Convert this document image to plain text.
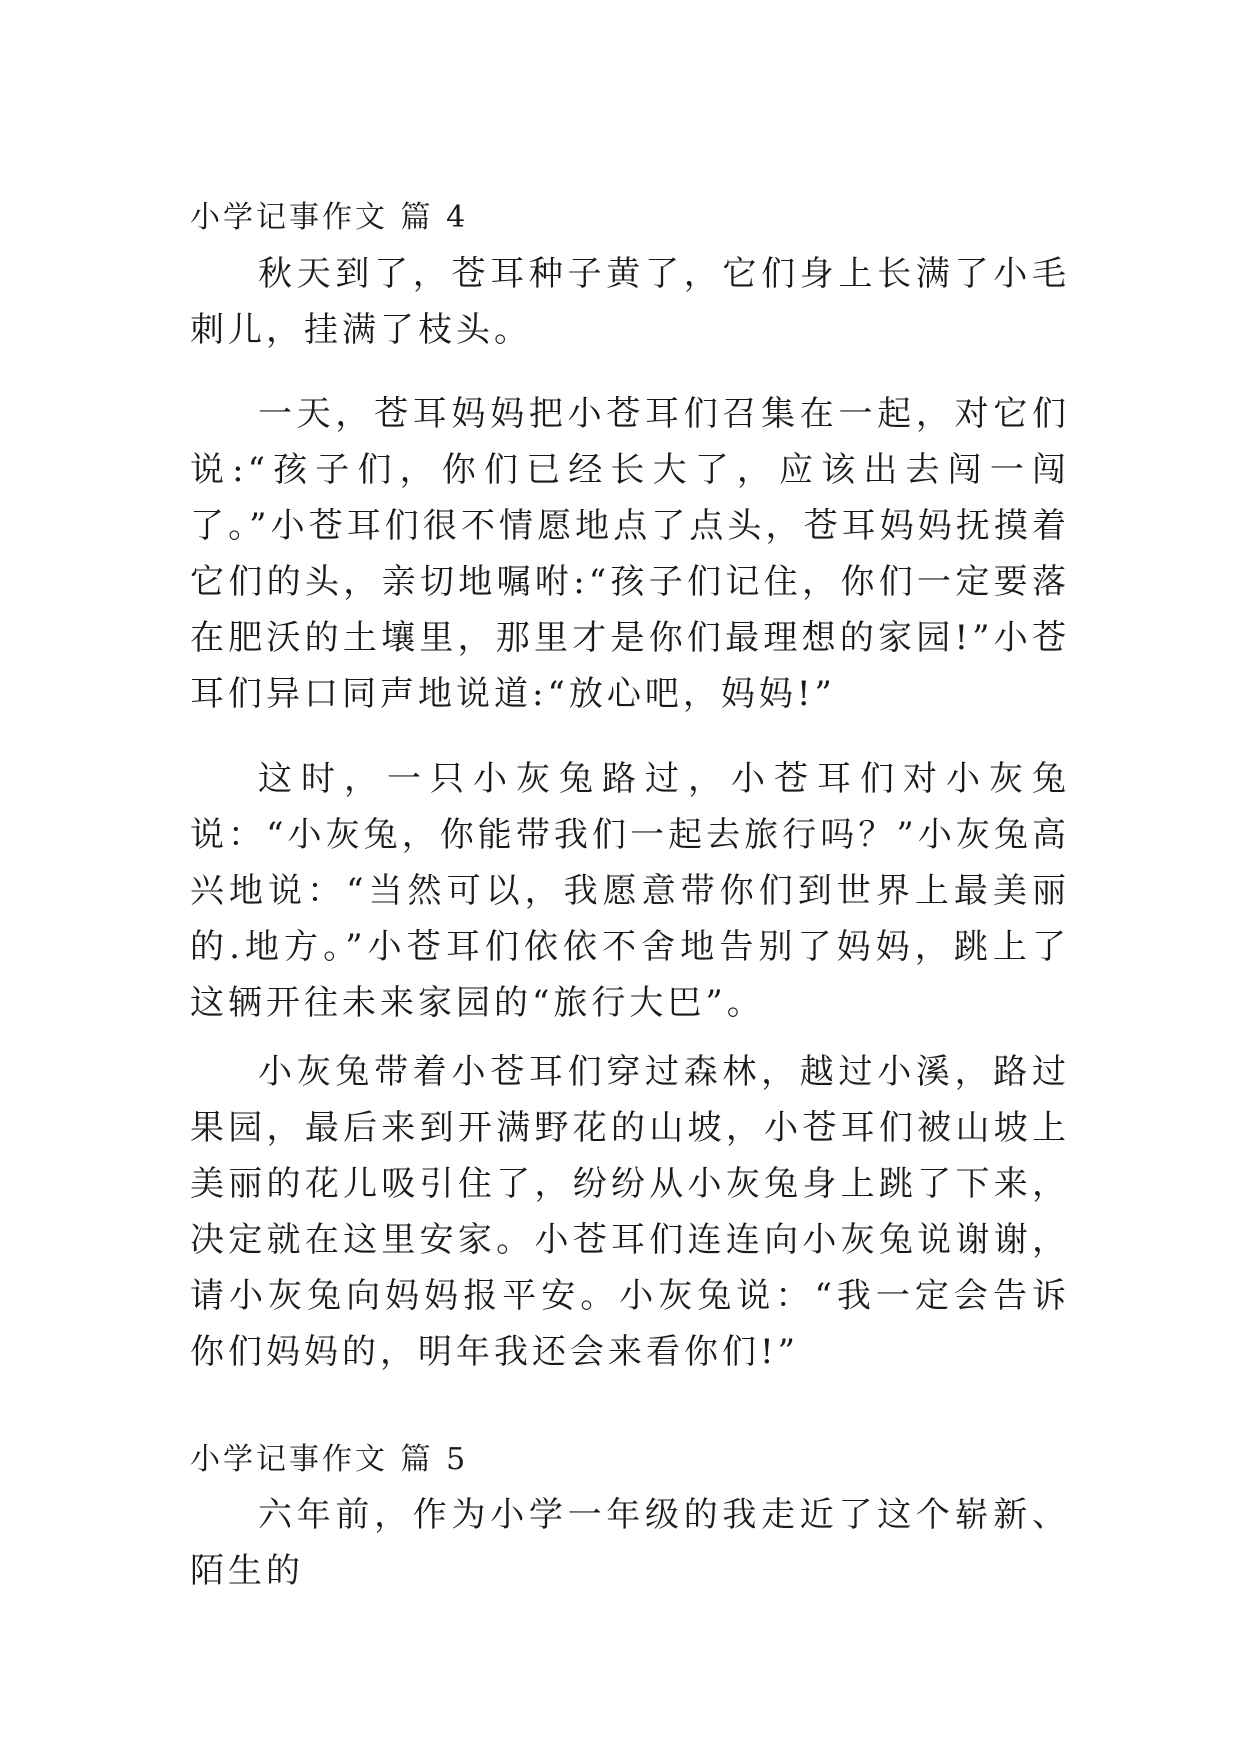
小学记事作文 篇 4

秋天到了，苍耳种子黄了，它们身上长满了小毛刺儿，挂满了枝头。

一天，苍耳妈妈把小苍耳们召集在一起，对它们说:“孩子们，你们已经长大了，应该出去闯一闯了。”小苍耳们很不情愿地点了点头，苍耳妈妈抚摸着它们的头，亲切地嘱咐:“孩子们记住，你们一定要落在肥沃的土壤里，那里才是你们最理想的家园!”小苍耳们异口同声地说道:“放心吧，妈妈!”

这时，一只小灰兔路过，小苍耳们对小灰兔说：“小灰兔，你能带我们一起去旅行吗？”小灰兔高兴地说：“当然可以，我愿意带你们到世界上最美丽的.地方。”小苍耳们依依不舍地告别了妈妈，跳上了这辆开往未来家园的“旅行大巴”。

小灰兔带着小苍耳们穿过森林，越过小溪，路过果园，最后来到开满野花的山坡，小苍耳们被山坡上美丽的花儿吸引住了，纷纷从小灰兔身上跳了下来，决定就在这里安家。小苍耳们连连向小灰兔说谢谢，请小灰兔向妈妈报平安。小灰兔说：“我一定会告诉你们妈妈的，明年我还会来看你们!”

小学记事作文 篇 5

六年前，作为小学一年级的我走近了这个崭新、陌生的
